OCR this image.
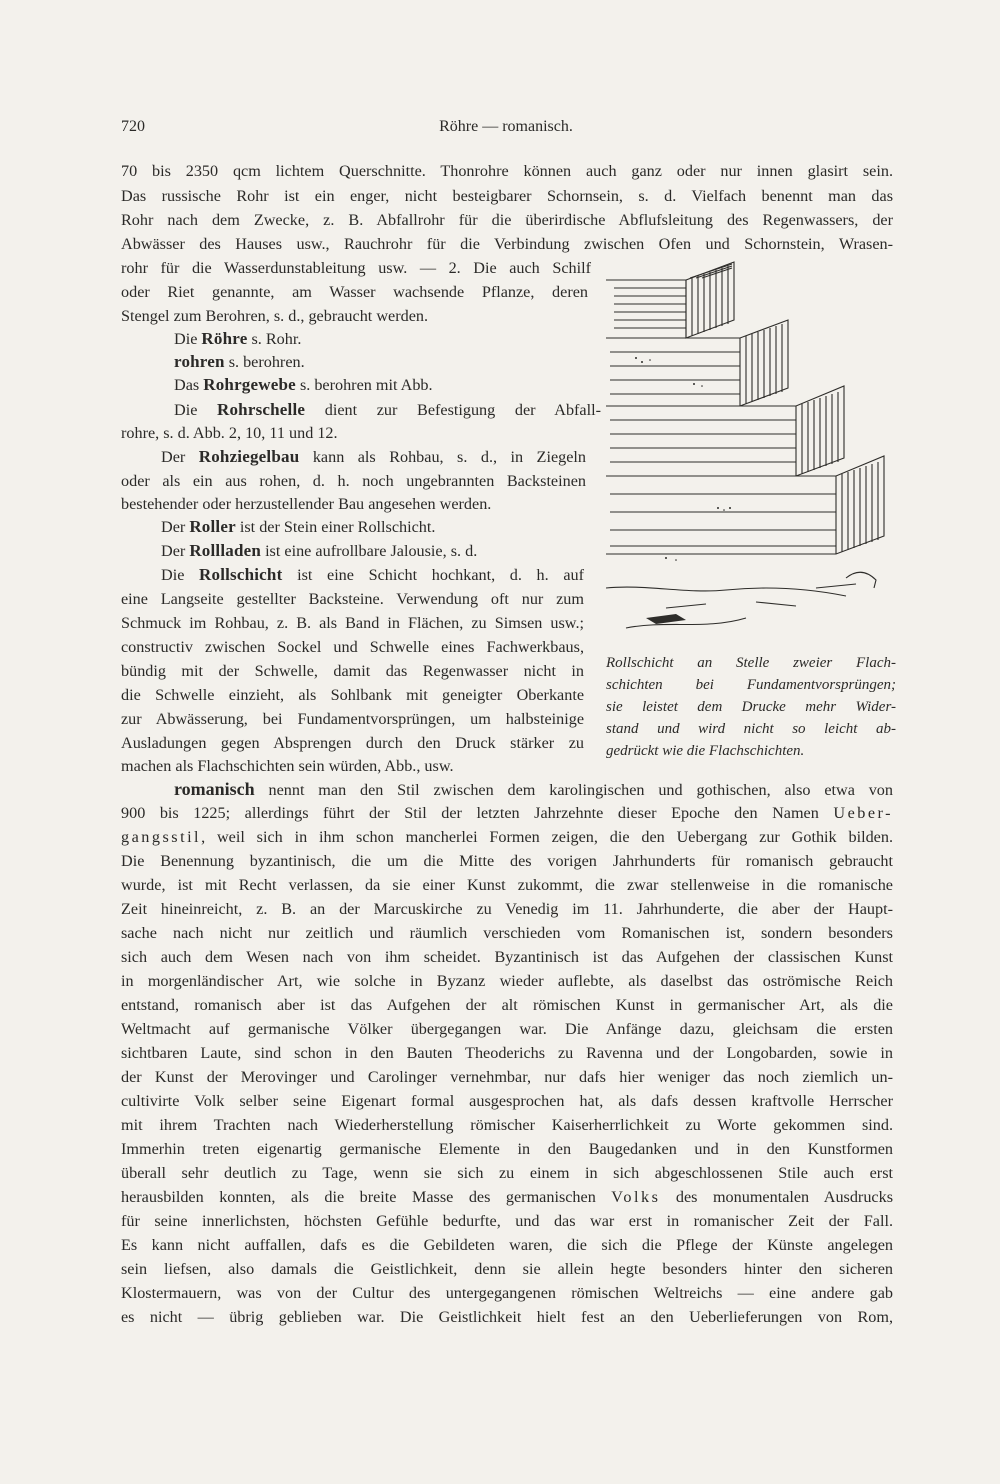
720	Röhre — romanisch.
70 bis 2350 qcm lichtem Querschnitte. Thonrohre können auch ganz oder nur innen glasirt sein.
Das russische Rohr ist ein enger, nicht besteigbarer Schornsein, s. d. Vielfach benennt man das
Rohr nach dem Zwecke, z. B. Abfallrohr für die überirdische Abflufsleitung des Regenwassers, der
Abwässer des Hauses usw., Rauchrohr für die Verbindung zwischen Ofen und Schornstein, Wrasen-
rohr für die Wasserdunstableitung usw. — 2. Die auch Schilf
oder Riet genannte, am Wasser wachsende Pflanze, deren
Stengel zum Berohren, s. d., gebraucht werden.
Die Röhre s. Rohr.
rohren s. berohren.
Das Rohrgewebe s. berohren mit Abb.
Die Rohrschelle dient zur Befestigung der Abfall-
rohre, s. d. Abb. 2, 10, 11 und 12.
Der Rohziegelbau kann als Rohbau, s. d., in Ziegeln
oder als ein aus rohen, d. h. noch ungebrannten Backsteinen
bestehender oder herzustellender Bau angesehen werden.
Der Roller ist der Stein einer Rollschicht.
Der Rollladen ist eine aufrollbare Jalousie, s. d.
Die Rollschicht ist eine Schicht hochkant, d. h. auf
eine Langseite gestellter Backsteine. Verwendung oft nur zum
Schmuck im Rohbau, z. B. als Band in Flächen, zu Simsen usw.;
constructiv zwischen Sockel und Schwelle eines Fachwerkbaus,
bündig mit der Schwelle, damit das Regenwasser nicht in
die Schwelle einzieht, als Sohlbank mit geneigter Oberkante
zur Abwässerung, bei Fundamentvorsprüngen, um halbsteinige
Ausladungen gegen Absprengen durch den Druck stärker zu
machen als Flachschichten sein würden, Abb., usw.
Rollschicht an Stelle zweier Flach-
schichten bei Fundamentvorsprüngen;
sie leistet dem Drucke mehr Wider-
stand und wird nicht so leicht ab-
gedrückt wie die Flachschichten.
romanisch nennt man den Stil zwischen dem karolingischen und gothischen, also etwa von
900 bis 1225; allerdings führt der Stil der letzten Jahrzehnte dieser Epoche den Namen Ueber-
gangsstil, weil sich in ihm schon mancherlei Formen zeigen, die den Uebergang zur Gothik bilden.
Die Benennung byzantinisch, die um die Mitte des vorigen Jahrhunderts für romanisch gebraucht
wurde, ist mit Recht verlassen, da sie einer Kunst zukommt, die zwar stellenweise in die romanische
Zeit hineinreicht, z. B. an der Marcuskirche zu Venedig im 11. Jahrhunderte, die aber der Haupt-
sache nach nicht nur zeitlich und räumlich verschieden vom Romanischen ist, sondern besonders
sich auch dem Wesen nach von ihm scheidet. Byzantinisch ist das Aufgehen der classischen Kunst
in morgenländischer Art, wie solche in Byzanz wieder auflebte, als daselbst das oströmische Reich
entstand, romanisch aber ist das Aufgehen der alt römischen Kunst in germanischer Art, als die
Weltmacht auf germanische Völker übergegangen war. Die Anfänge dazu, gleichsam die ersten
sichtbaren Laute, sind schon in den Bauten Theoderichs zu Ravenna und der Longobarden, sowie in
der Kunst der Merovinger und Carolinger vernehmbar, nur dafs hier weniger das noch ziemlich un-
cultivirte Volk selber seine Eigenart formal ausgesprochen hat, als dafs dessen kraftvolle Herrscher
mit ihrem Trachten nach Wiederherstellung römischer Kaiserherrlichkeit zu Worte gekommen sind.
Immerhin treten eigenartig germanische Elemente in den Baugedanken und in den Kunstformen
überall sehr deutlich zu Tage, wenn sie sich zu einem in sich abgeschlossenen Stile auch erst
herausbilden konnten, als die breite Masse des germanischen Volks des monumentalen Ausdrucks
für seine innerlichsten, höchsten Gefühle bedurfte, und das war erst in romanischer Zeit der Fall.
Es kann nicht auffallen, dafs es die Gebildeten waren, die sich die Pflege der Künste angelegen
sein liefsen, also damals die Geistlichkeit, denn sie allein hegte besonders hinter den sicheren
Klostermauern, was von der Cultur des untergegangenen römischen Weltreichs — eine andere gab
es nicht — übrig geblieben war. Die Geistlichkeit hielt fest an den Ueberlieferungen von Rom,
